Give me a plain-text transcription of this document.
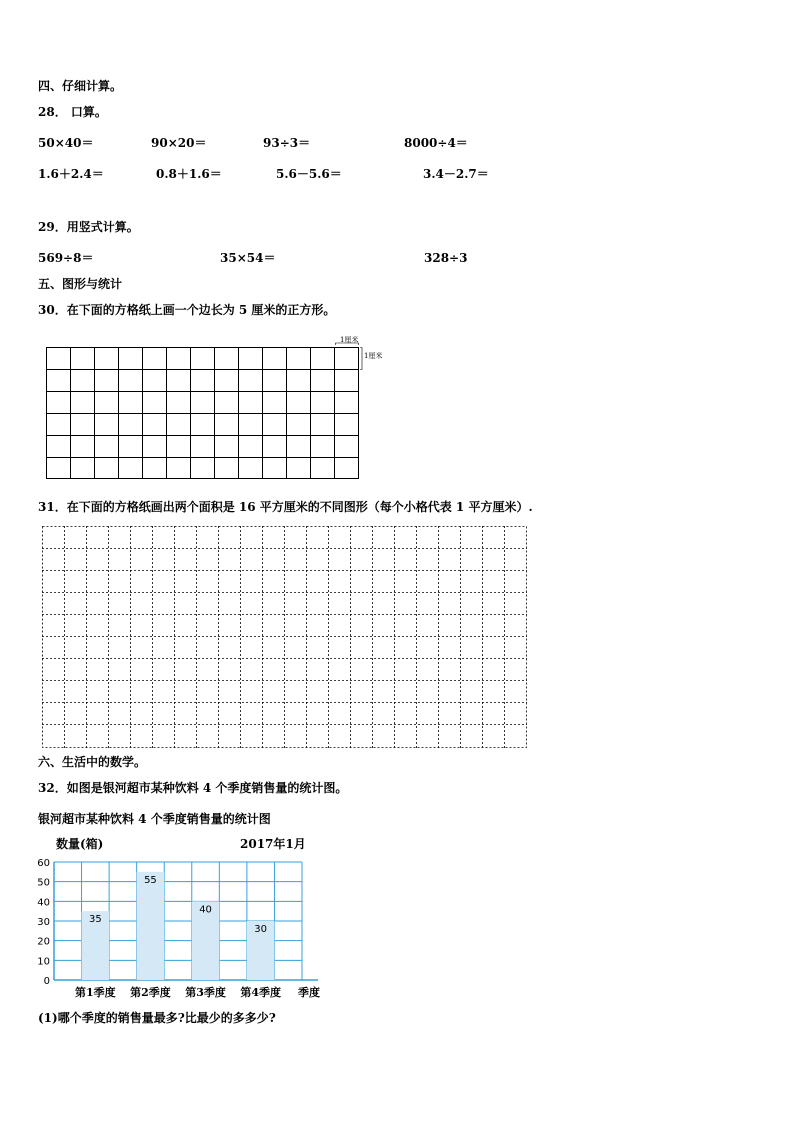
四、仔细计算。
28． 口算。
50×40＝	90×20＝	93÷3＝	8000÷4＝
1.6＋2.4＝	0.8＋1.6＝	5.6－5.6＝	3.4－2.7＝
29．用竖式计算。
569÷8＝	35×54＝	328÷3
五、图形与统计
30．在下面的方格纸上画一个边长为 5 厘米的正方形。
1厘米
1厘米
31．在下面的方格纸画出两个面积是 16 平方厘米的不同图形（每个小格代表 1 平方厘米）.
六、生活中的数学。
32．如图是银河超市某种饮料 4 个季度销售量的统计图。
银河超市某种饮料 4 个季度销售量的统计图
数量(箱)	2017年1月
35
55
40
30
0
10
20
30
40
50
60
第1季度 第2季度 第3季度 第4季度 季度
(1)哪个季度的销售量最多?比最少的多多少?
